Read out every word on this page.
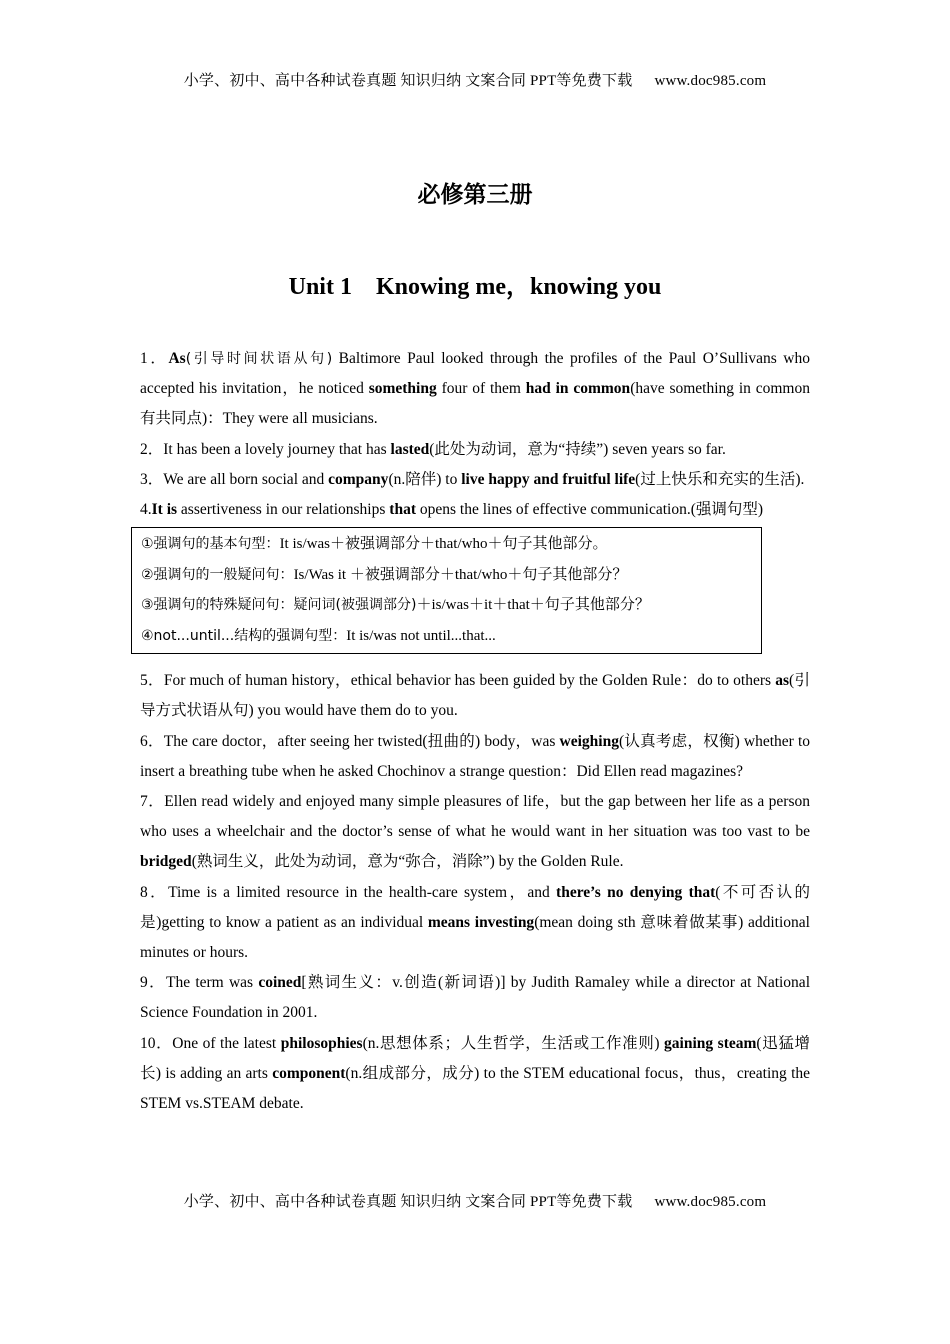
小学、初中、高中各种试卷真题 知识归纳 文案合同 PPT等免费下载 www.doc985.com
必修第三册
Unit 1　Knowing me，knowing you

1．As(引导时间状语从句) Baltimore Paul looked through the profiles of the Paul O’Sullivans who accepted his invitation，he noticed something four of them had in common(have something in common 有共同点)：They were all musicians.

2．It has been a lovely journey that has lasted(此处为动词，意为“持续”) seven years so far.

3．We are all born social and company(n.陪伴) to live happy and fruitful life(过上快乐和充实的生活).

4.It is assertiveness in our relationships that opens the lines of effective communication.(强调句型)

①强调句的基本句型：It is/was＋被强调部分＋that/who＋句子其他部分。
②强调句的一般疑问句：Is/Was it ＋被强调部分＋that/who＋句子其他部分？
③强调句的特殊疑问句：疑问词(被强调部分)＋is/was＋it＋that＋句子其他部分？
④not...until...结构的强调句型：It is/was not until...that...

5．For much of human history，ethical behavior has been guided by the Golden Rule：do to others as(引导方式状语从句) you would have them do to you.

6．The care doctor，after seeing her twisted(扭曲的) body，was weighing(认真考虑，权衡) whether to insert a breathing tube when he asked Chochinov a strange question：Did Ellen read magazines?

7．Ellen read widely and enjoyed many simple pleasures of life，but the gap between her life as a person who uses a wheelchair and the doctor’s sense of what he would want in her situation was too vast to be bridged(熟词生义，此处为动词，意为“弥合，消除”) by the Golden Rule.

8．Time is a limited resource in the health-care system，and there’s no denying that(不可否认的是)getting to know a patient as an individual means investing(mean doing sth 意味着做某事) additional minutes or hours.

9．The term was coined[熟词生义：v.创造(新词语)] by Judith Ramaley while a director at National Science Foundation in 2001.

10．One of the latest philosophies(n.思想体系；人生哲学，生活或工作准则) gaining steam(迅猛增长) is adding an arts component(n.组成部分，成分) to the STEM educational focus，thus，creating the STEM vs.STEAM debate.

小学、初中、高中各种试卷真题 知识归纳 文案合同 PPT等免费下载 www.doc985.com
